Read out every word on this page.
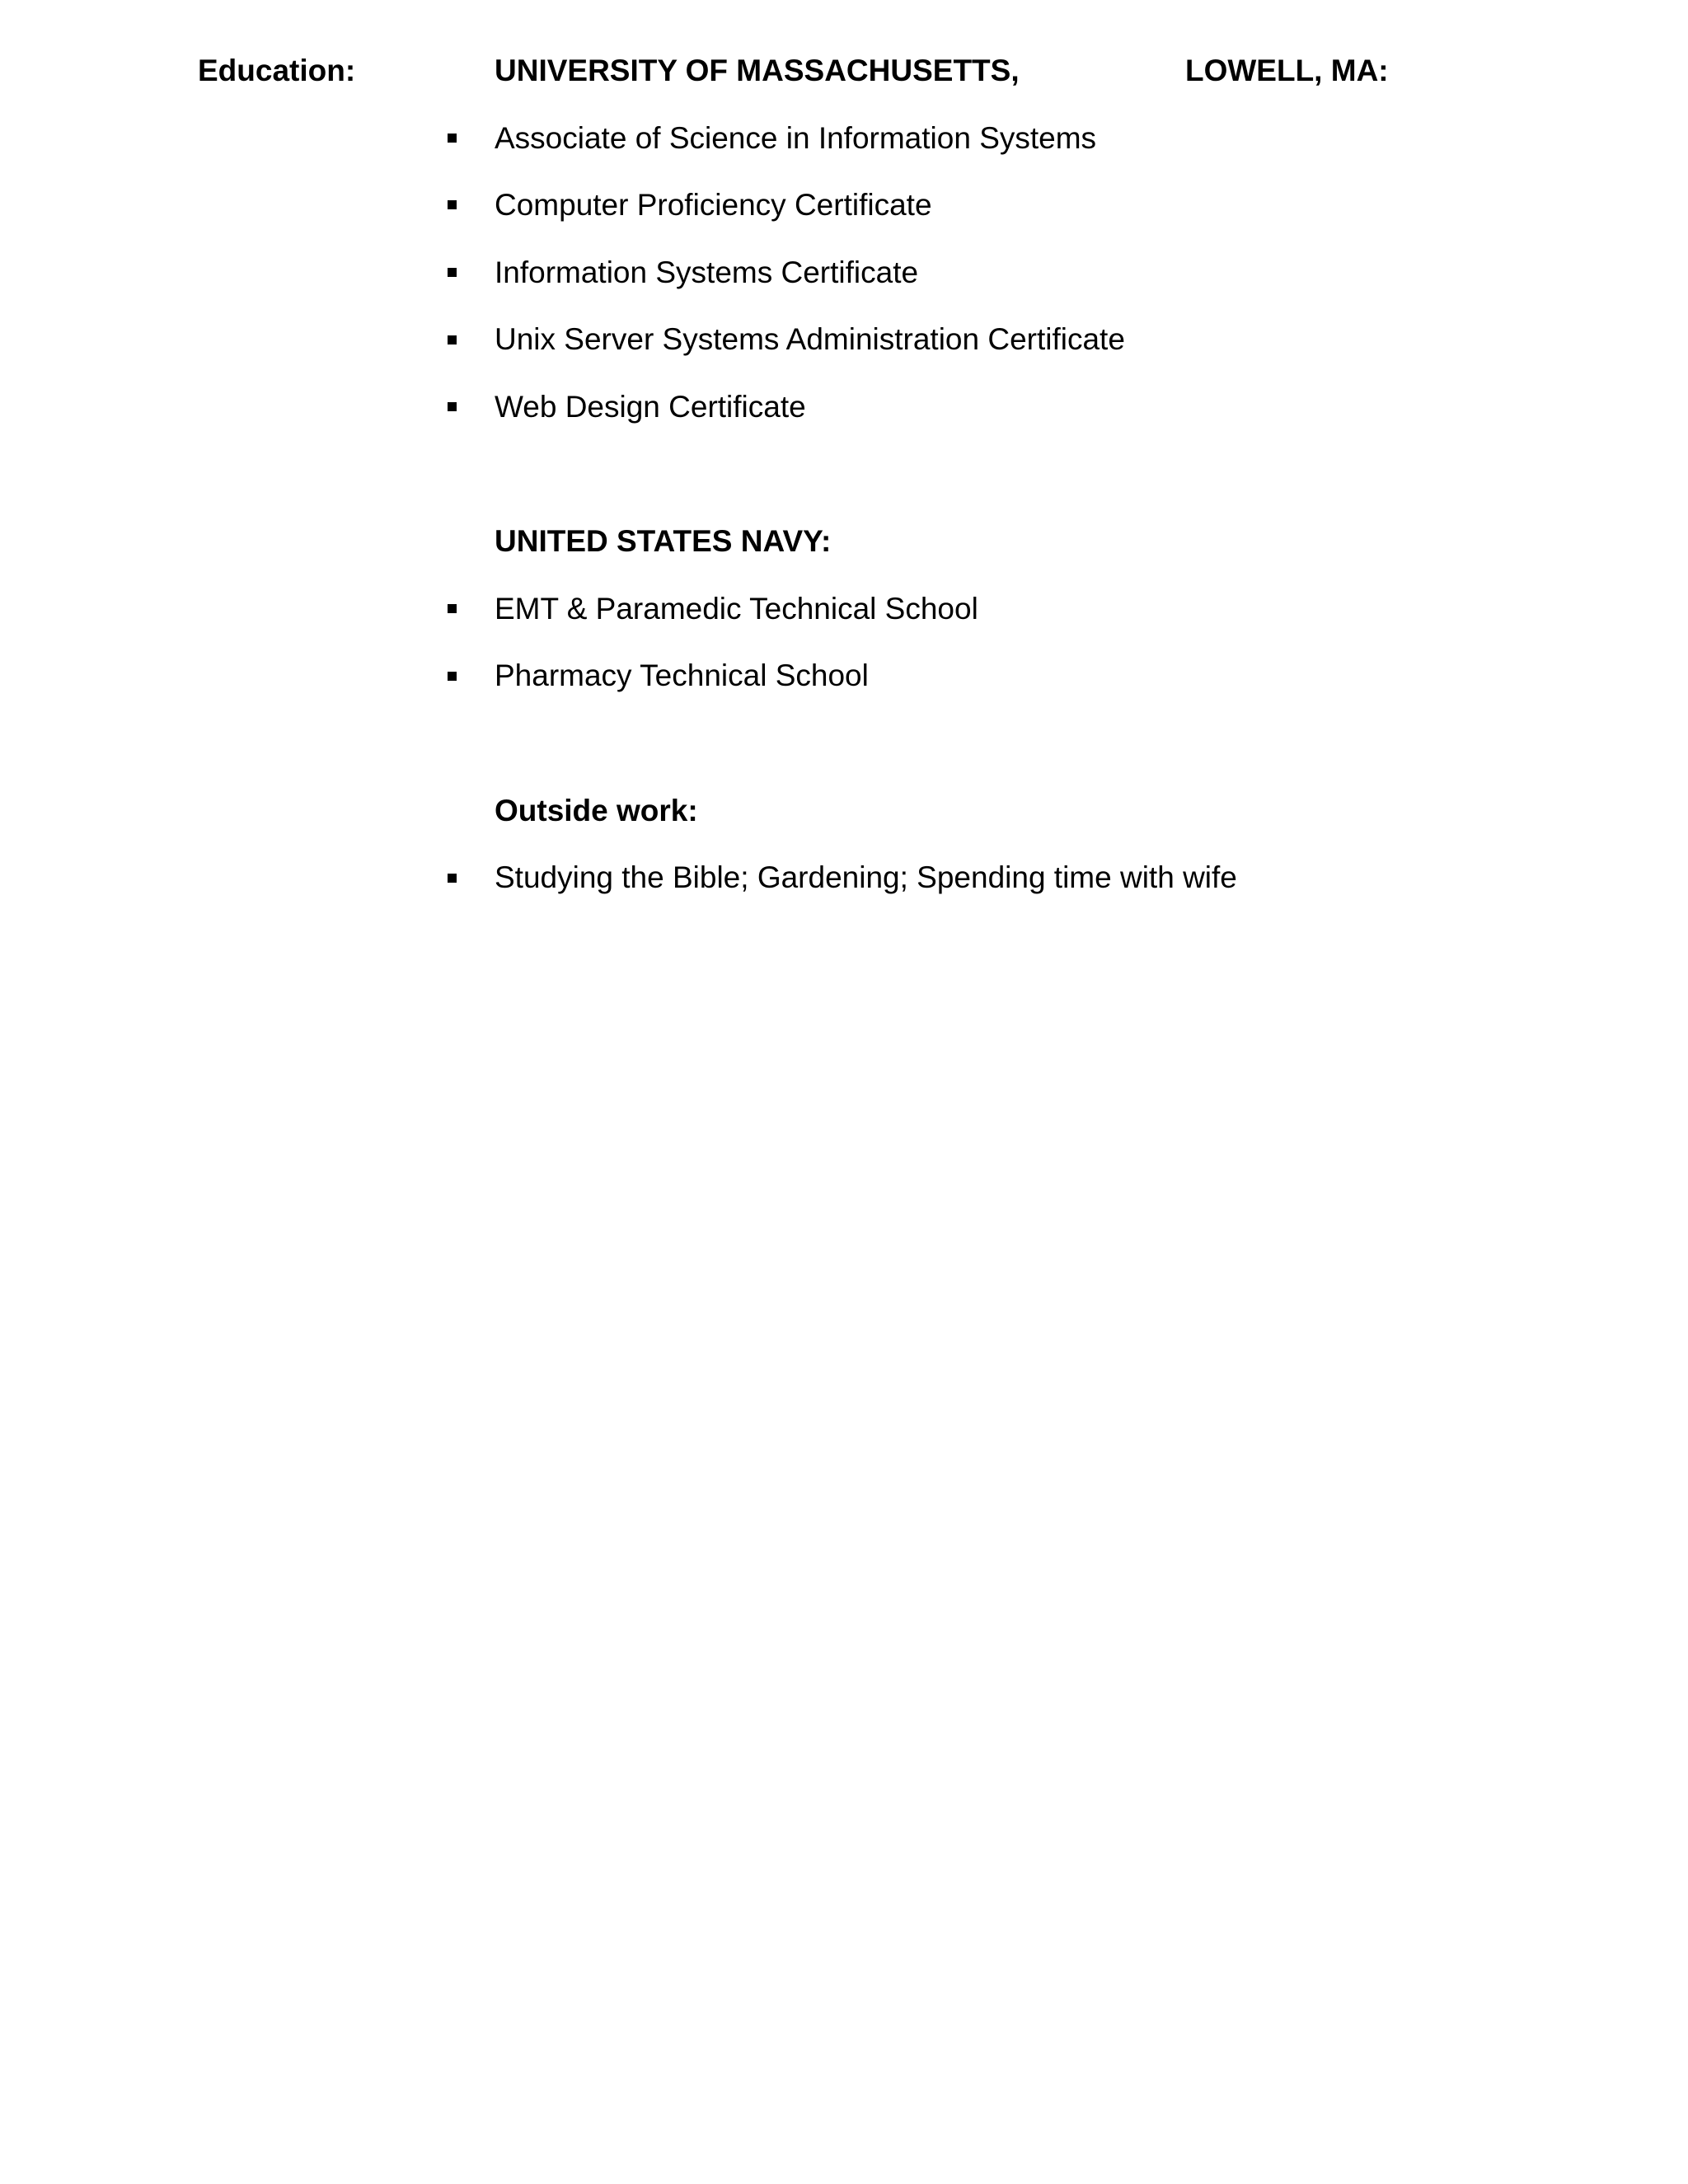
Education:	UNIVERSITY OF MASSACHUSETTS,	LOWELL, MA:
Associate of Science in Information Systems
Computer Proficiency Certificate
Information Systems Certificate
Unix Server Systems Administration Certificate
Web Design Certificate
UNITED STATES NAVY:
EMT & Paramedic Technical School
Pharmacy Technical School
Outside work:
Studying the Bible; Gardening; Spending time with wife
